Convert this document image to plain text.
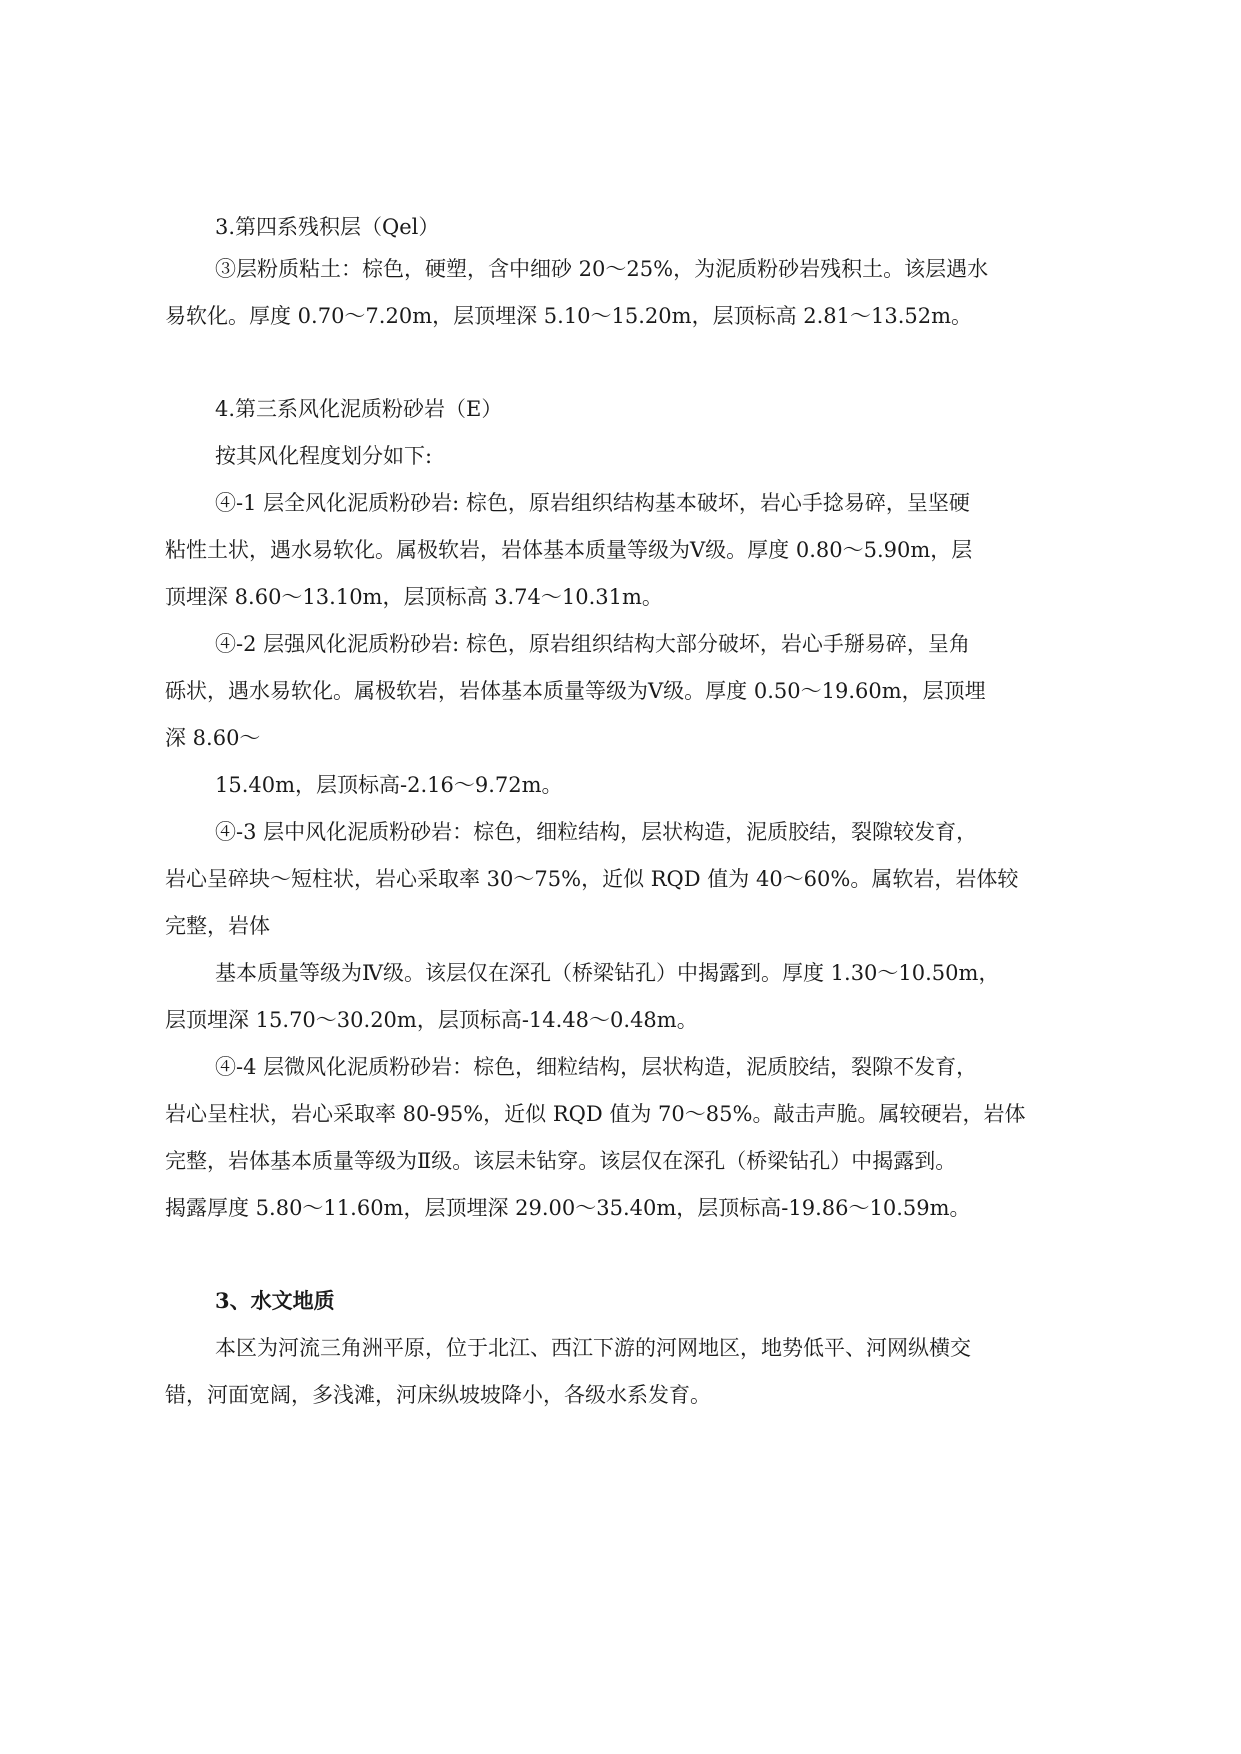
3.第四系残积层（Qel）

③层粉质粘土：棕色，硬塑，含中细砂 20～25%，为泥质粉砂岩残积土。该层遇水

易软化。厚度 0.70～7.20m，层顶埋深 5.10～15.20m，层顶标高 2.81～13.52m。

4.第三系风化泥质粉砂岩（E）

按其风化程度划分如下:

④-1 层全风化泥质粉砂岩: 棕色，原岩组织结构基本破坏，岩心手捻易碎，呈坚硬

粘性土状，遇水易软化。属极软岩，岩体基本质量等级为Ⅴ级。厚度 0.80～5.90m，层

顶埋深 8.60～13.10m，层顶标高 3.74～10.31m。

④-2 层强风化泥质粉砂岩: 棕色，原岩组织结构大部分破坏，岩心手掰易碎，呈角

砾状，遇水易软化。属极软岩，岩体基本质量等级为Ⅴ级。厚度 0.50～19.60m，层顶埋

深 8.60～

15.40m，层顶标高-2.16～9.72m。

④-3 层中风化泥质粉砂岩：棕色，细粒结构，层状构造，泥质胶结，裂隙较发育，

岩心呈碎块～短柱状，岩心采取率 30～75%，近似 RQD 值为 40～60%。属软岩，岩体较

完整，岩体

基本质量等级为Ⅳ级。该层仅在深孔（桥梁钻孔）中揭露到。厚度 1.30～10.50m，

层顶埋深 15.70～30.20m，层顶标高-14.48～0.48m。

④-4 层微风化泥质粉砂岩：棕色，细粒结构，层状构造，泥质胶结，裂隙不发育，

岩心呈柱状，岩心采取率 80-95%，近似 RQD 值为 70～85%。敲击声脆。属较硬岩，岩体

完整，岩体基本质量等级为Ⅱ级。该层未钻穿。该层仅在深孔（桥梁钻孔）中揭露到。

揭露厚度 5.80～11.60m，层顶埋深 29.00～35.40m，层顶标高-19.86～10.59m。

3、水文地质

本区为河流三角洲平原，位于北江、西江下游的河网地区，地势低平、河网纵横交

错，河面宽阔，多浅滩，河床纵坡坡降小，各级水系发育。
